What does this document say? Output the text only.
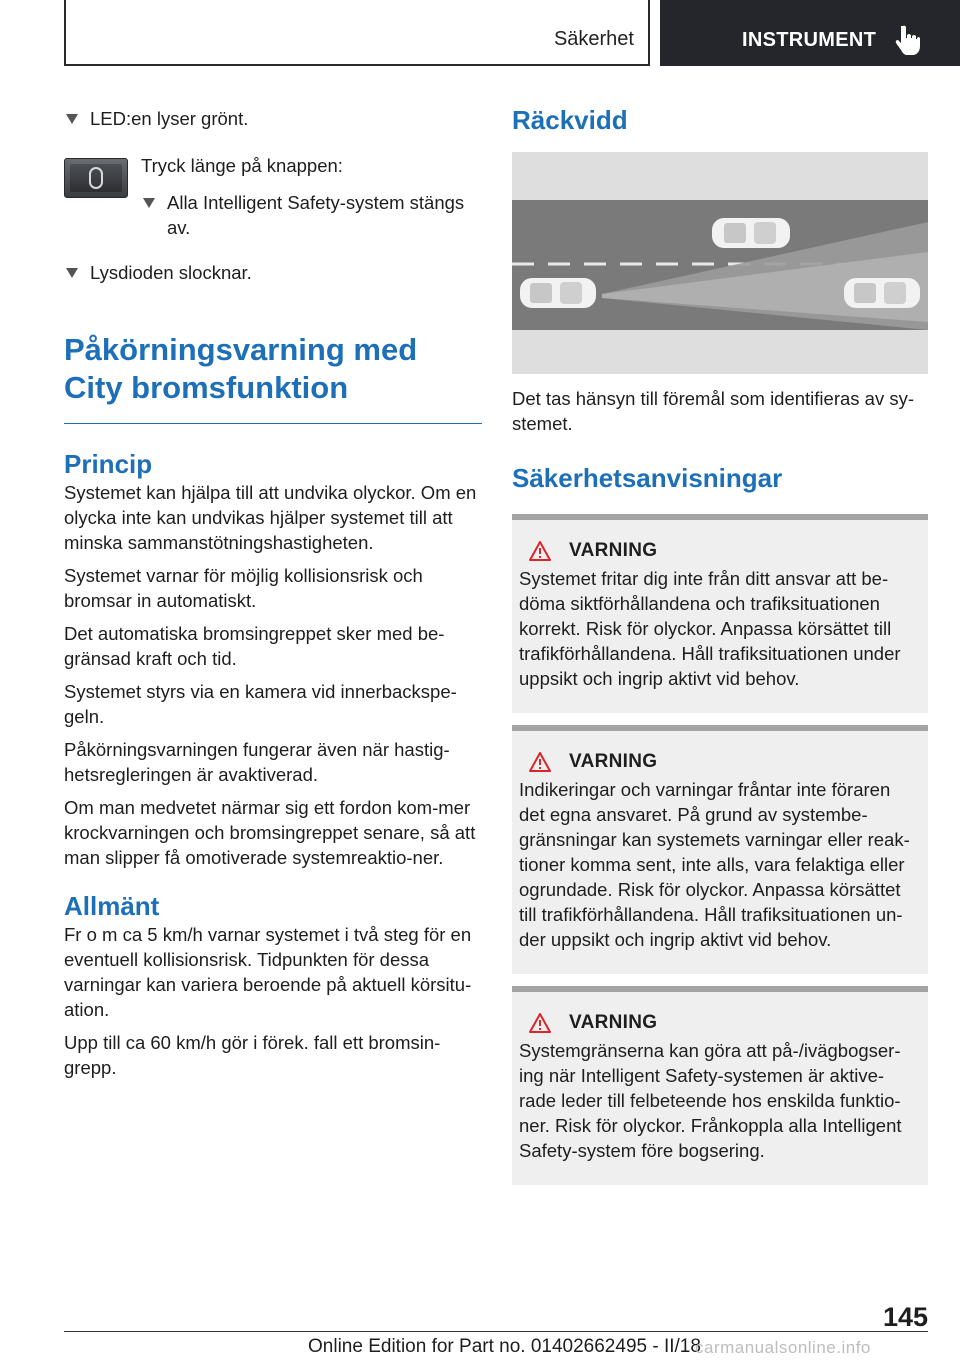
Säkerhet	INSTRUMENT

LED:en lyser grönt.

Tryck länge på knappen:

Alla Intelligent Safety-system stängs av.

Lysdioden slocknar.

Påkörningsvarning med City bromsfunktion
Princip

Systemet kan hjälpa till att undvika olyckor. Om en olycka inte kan undvikas hjälper systemet till att minska sammanstötningshastigheten.

Systemet varnar för möjlig kollisionsrisk och bromsar in automatiskt.

Det automatiska bromsingreppet sker med be‐gränsad kraft och tid.

Systemet styrs via en kamera vid innerbackspe‐geln.

Påkörningsvarningen fungerar även när hastig‐hetsregleringen är avaktiverad.

Om man medvetet närmar sig ett fordon kom‐mer krockvarningen och bromsingreppet senare, så att man slipper få omotiverade systemreaktio‐ner.

Allmänt

Fr o m ca 5 km/h varnar systemet i två steg för en eventuell kollisionsrisk. Tidpunkten för dessa varningar kan variera beroende på aktuell körsitu‐ation.

Upp till ca 60 km/h gör i förek. fall ett bromsin‐grepp.

Räckvidd

Det tas hänsyn till föremål som identifieras av sy‐stemet.

Säkerhetsanvisningar
VARNING

Systemet fritar dig inte från ditt ansvar att be‐döma siktförhållandena och trafiksituationen korrekt. Risk för olyckor. Anpassa körsättet till trafikförhållandena. Håll trafiksituationen under uppsikt och ingrip aktivt vid behov.

VARNING

Indikeringar och varningar fråntar inte föraren det egna ansvaret. På grund av systembe‐gränsningar kan systemets varningar eller reak‐tioner komma sent, inte alls, vara felaktiga eller ogrundade. Risk för olyckor. Anpassa körsättet till trafikförhållandena. Håll trafiksituationen un‐der uppsikt och ingrip aktivt vid behov.

VARNING

Systemgränserna kan göra att på-/ivägbogser‐ing när Intelligent Safety-systemen är aktive‐rade leder till felbeteende hos enskilda funktio‐ner. Risk för olyckor. Frånkoppla alla Intelligent Safety-system före bogsering.

145
Online Edition for Part no. 01402662495 - II/18
carmanualsonline.info
